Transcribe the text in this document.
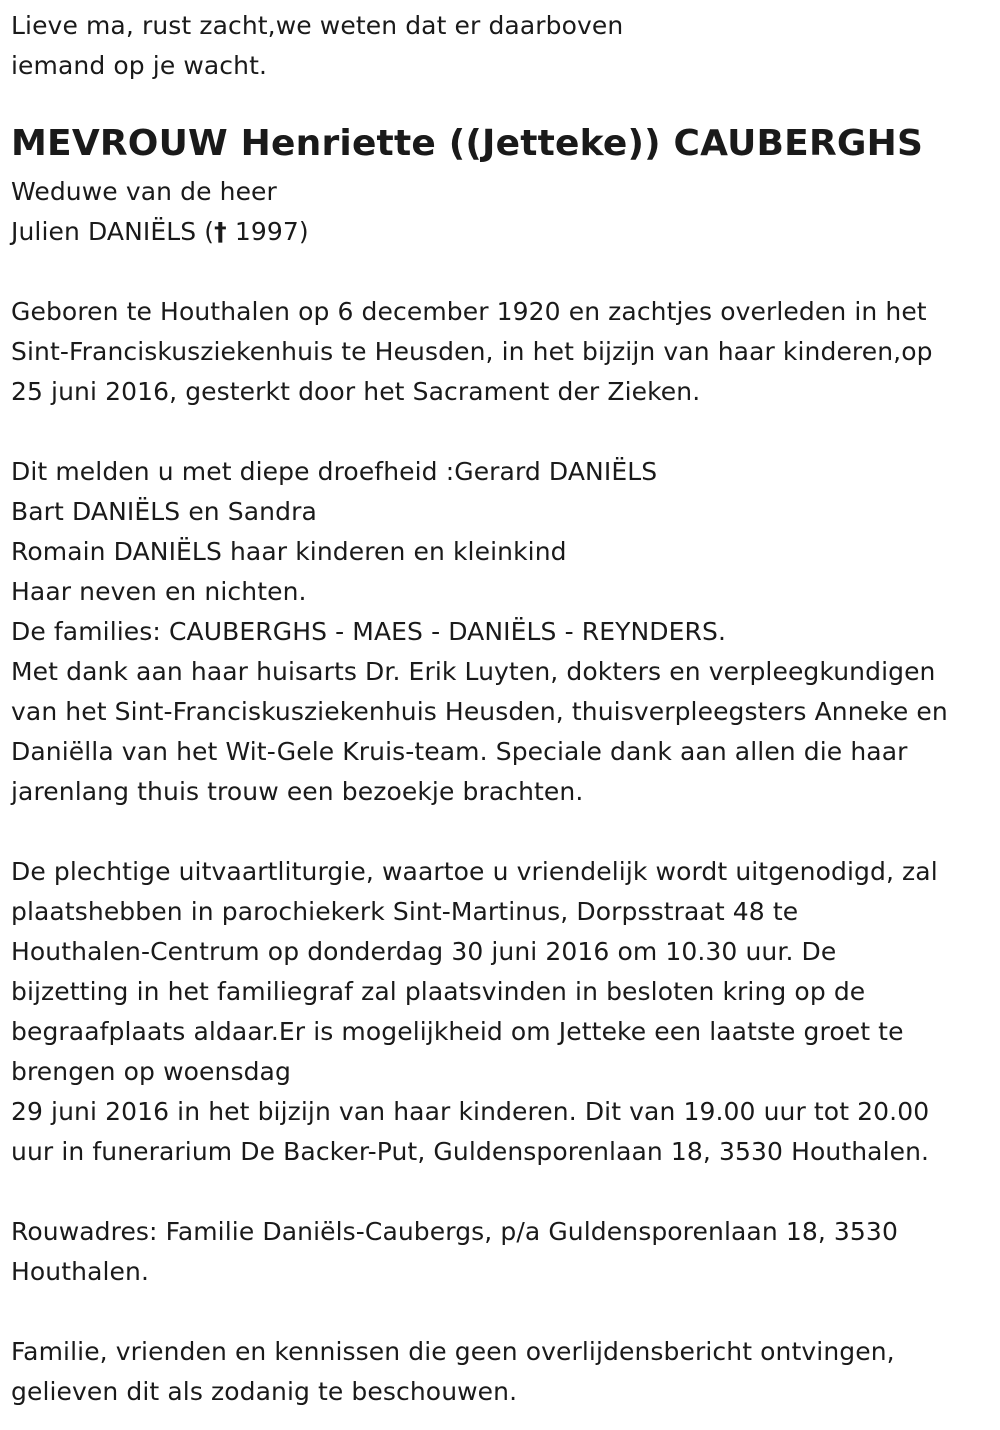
Lieve ma, rust zacht,we weten dat er daarboven
iemand op je wacht.
MEVROUW Henriette ((Jetteke)) CAUBERGHS
Weduwe van de heer
Julien DANIËLS († 1997)
Geboren te Houthalen op 6 december 1920 en zachtjes overleden in het
Sint-Franciskusziekenhuis te Heusden, in het bijzijn van haar kinderen,op
25 juni 2016, gesterkt door het Sacrament der Zieken.
Dit melden u met diepe droefheid :Gerard DANIËLS
Bart DANIËLS en Sandra
Romain DANIËLS haar kinderen en kleinkind
Haar neven en nichten.
De families: CAUBERGHS - MAES - DANIËLS - REYNDERS.
Met dank aan haar huisarts Dr. Erik Luyten, dokters en verpleegkundigen
van het Sint-Franciskusziekenhuis Heusden, thuisverpleegsters Anneke en
Daniëlla van het Wit-Gele Kruis-team. Speciale dank aan allen die haar
jarenlang thuis trouw een bezoekje brachten.
De plechtige uitvaartliturgie, waartoe u vriendelijk wordt uitgenodigd, zal
plaatshebben in parochiekerk Sint-Martinus, Dorpsstraat 48 te
Houthalen-Centrum op donderdag 30 juni 2016 om 10.30 uur. De
bijzetting in het familiegraf zal plaatsvinden in besloten kring op de
begraafplaats aldaar.Er is mogelijkheid om Jetteke een laatste groet te
brengen op woensdag
29 juni 2016 in het bijzijn van haar kinderen. Dit van 19.00 uur tot 20.00
uur in funerarium De Backer-Put, Guldensporenlaan 18, 3530 Houthalen.
Rouwadres: Familie Daniëls-Caubergs, p/a Guldensporenlaan 18, 3530
Houthalen.
Familie, vrienden en kennissen die geen overlijdensbericht ontvingen,
gelieven dit als zodanig te beschouwen.
